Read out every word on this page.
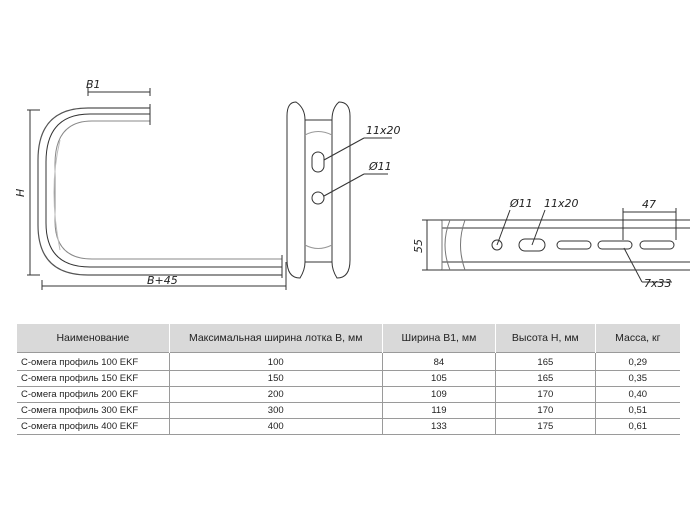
B1
H
B+45
11x20
Ø11
Ø11 11x20
55
47
7x33
Наименование	Максимальная ширина лотка B, мм	Ширина B1, мм	Высота H, мм	Масса, кг
С-омега профиль 100 EKF	100	84	165	0,29
С-омега профиль 150 EKF	150	105	165	0,35
С-омега профиль 200 EKF	200	109	170	0,40
С-омега профиль 300 EKF	300	119	170	0,51
С-омега профиль 400 EKF	400	133	175	0,61
